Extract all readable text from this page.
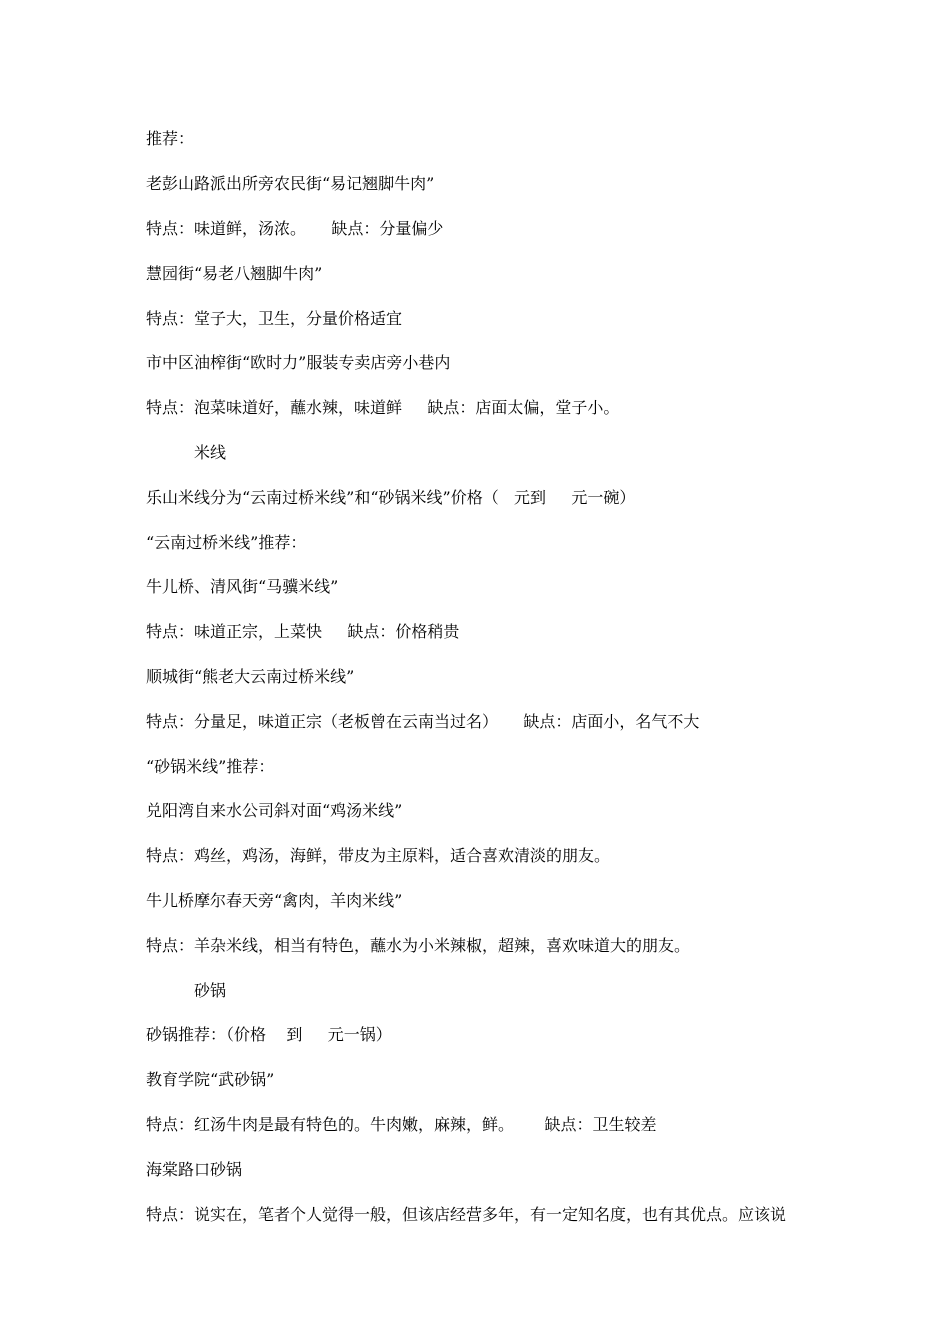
推荐：
老彭山路派出所旁农民街“易记翘脚牛肉”
特点：味道鲜，汤浓。     缺点：分量偏少
慧园街“易老八翘脚牛肉”
特点：堂子大，卫生，分量价格适宜
市中区油榨街“欧时力”服装专卖店旁小巷内
特点：泡菜味道好，蘸水辣，味道鲜     缺点：店面太偏，堂子小。
米线
乐山米线分为“云南过桥米线”和“砂锅米线”价格（   元到     元一碗）
“云南过桥米线”推荐：
牛儿桥、清风街“马骥米线”
特点：味道正宗，上菜快     缺点：价格稍贵
顺城街“熊老大云南过桥米线”
特点：分量足，味道正宗（老板曾在云南当过名）     缺点：店面小，名气不大
“砂锅米线”推荐：
兑阳湾自来水公司斜对面“鸡汤米线”
特点：鸡丝，鸡汤，海鲜，带皮为主原料，适合喜欢清淡的朋友。
牛儿桥摩尔春天旁“禽肉，羊肉米线”
特点：羊杂米线，相当有特色，蘸水为小米辣椒，超辣，喜欢味道大的朋友。
砂锅
砂锅推荐：（价格    到     元一锅）
教育学院“武砂锅”
特点：红汤牛肉是最有特色的。牛肉嫩，麻辣，鲜。      缺点：卫生较差
海棠路口砂锅
特点：说实在，笔者个人觉得一般，但该店经营多年，有一定知名度，也有其优点。应该说
